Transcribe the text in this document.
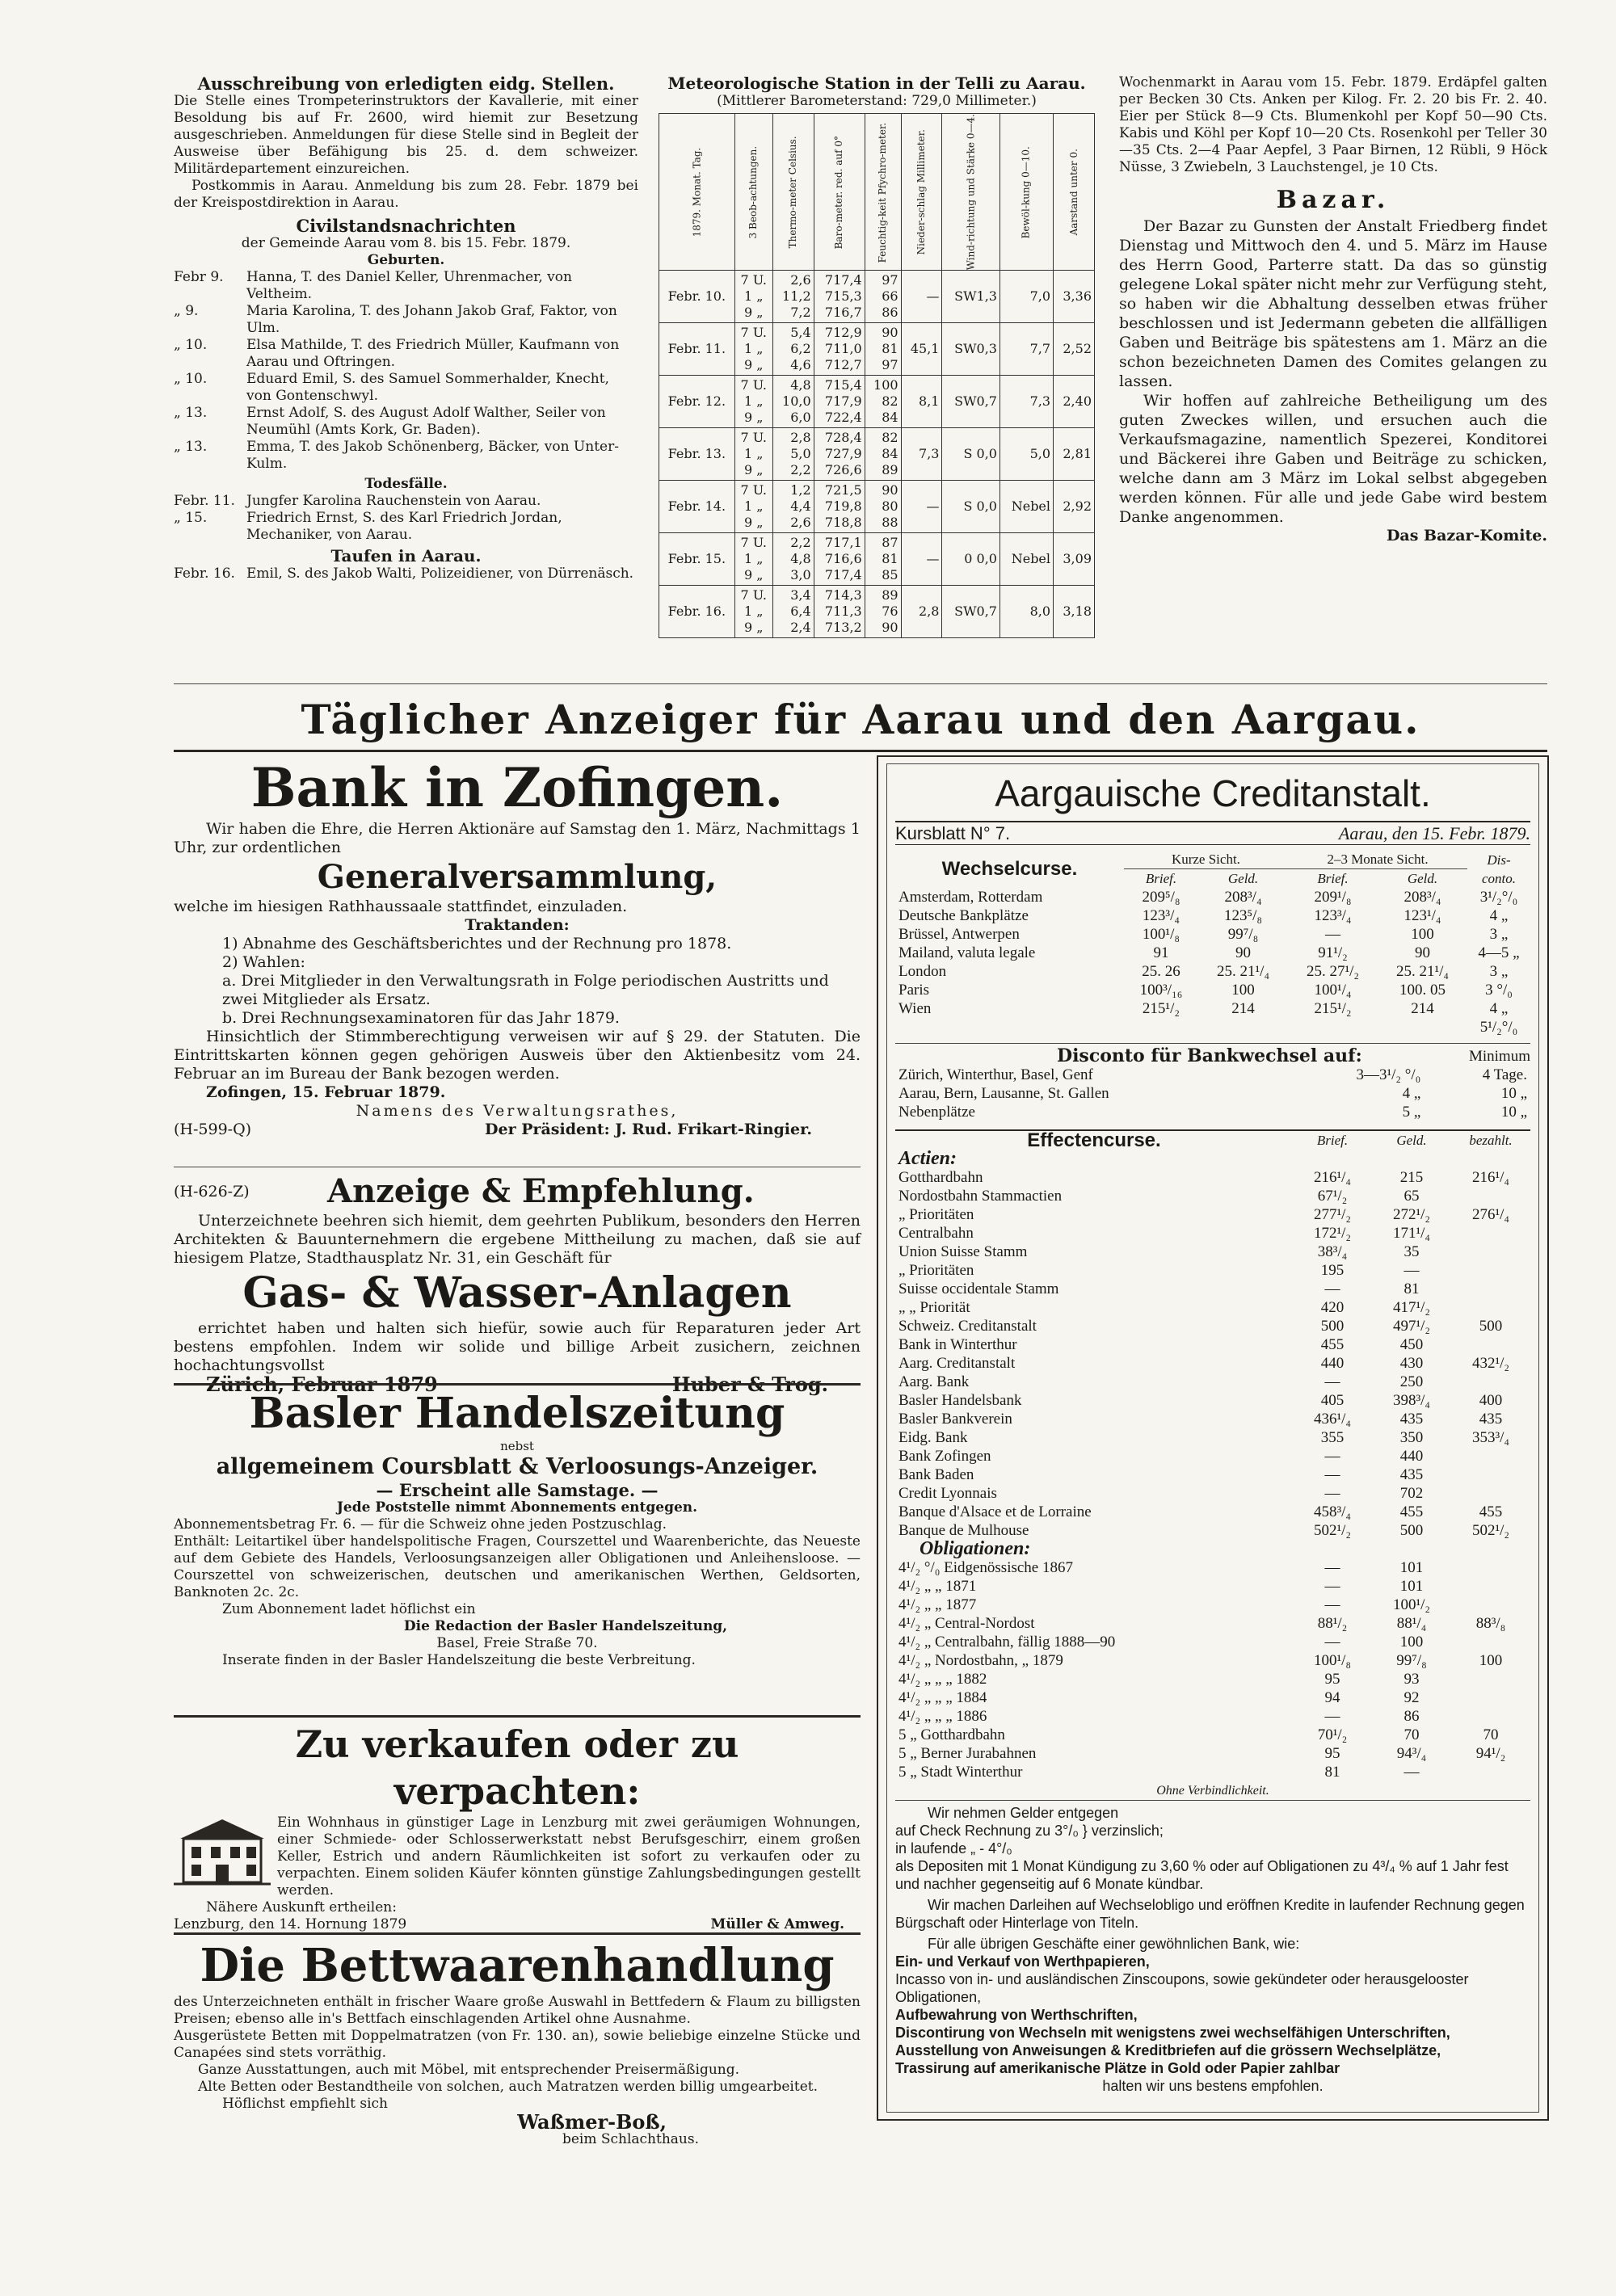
Ausschreibung von erledigten eidg. Stellen.

Die Stelle eines Trompeterinstruktors der Kavallerie, mit einer Besoldung bis auf Fr. 2600, wird hiemit zur Besetzung ausgeschrieben. Anmeldungen für diese Stelle sind in Begleit der Ausweise über Befähigung bis 25. d. dem schweizer. Militärdepartement einzureichen.

Postkommis in Aarau. Anmeldung bis zum 28. Febr. 1879 bei der Kreispostdirektion in Aarau.

Civilstandsnachrichten

der Gemeinde Aarau vom 8. bis 15. Febr. 1879.

Geburten.

Febr 9.	Hanna, T. des Daniel Keller, Uhrenmacher, von Veltheim.
„ 9.	Maria Karolina, T. des Johann Jakob Graf, Faktor, von Ulm.
„ 10.	Elsa Mathilde, T. des Friedrich Müller, Kaufmann von Aarau und Oftringen.
„ 10.	Eduard Emil, S. des Samuel Sommerhalder, Knecht, von Gontenschwyl.
„ 13.	Ernst Adolf, S. des August Adolf Walther, Seiler von Neumühl (Amts Kork, Gr. Baden).
„ 13.	Emma, T. des Jakob Schönenberg, Bäcker, von Unter-Kulm.

Todesfälle.

Febr. 11. Jungfer Karolina Rauchenstein von Aarau.
„ 15.	Friedrich Ernst, S. des Karl Friedrich Jordan, Mechaniker, von Aarau.

Taufen in Aarau.

Febr. 16. Emil, S. des Jakob Walti, Polizeidiener, von Dürrenäsch.

Meteorologische Station in der Telli zu Aarau.

(Mittlerer Barometerstand: 729,0 Millimeter.)

1879. Monat. Tag.	3 Beob-achtungen.	Thermo-meter Celsius.	Baro-meter. red. auf 0°	Feuchtig-keit Pfychro-meter.	Nieder-schlag Millimeter.	Wind-richtung und Stärke 0—4.	Bewöl-kung 0—10.	Aarstand unter 0.
Febr. 10.	7 U.
1 „
9 „	2,6
11,2
7,2	717,4
715,3
716,7	97
66
86	—	SW1,3	7,0	3,36
Febr. 11.	7 U.
1 „
9 „	5,4
6,2
4,6	712,9
711,0
712,7	90
81
97	45,1	SW0,3	7,7	2,52
Febr. 12.	7 U.
1 „
9 „	4,8
10,0
6,0	715,4
717,9
722,4	100
82
84	8,1	SW0,7	7,3	2,40
Febr. 13.	7 U.
1 „
9 „	2,8
5,0
2,2	728,4
727,9
726,6	82
84
89	7,3	S 0,0	5,0	2,81
Febr. 14.	7 U.
1 „
9 „	1,2
4,4
2,6	721,5
719,8
718,8	90
80
88	—	S 0,0	Nebel	2,92
Febr. 15.	7 U.
1 „
9 „	2,2
4,8
3,0	717,1
716,6
717,4	87
81
85	—	0 0,0	Nebel	3,09
Febr. 16.	7 U.
1 „
9 „	3,4
6,4
2,4	714,3
711,3
713,2	89
76
90	2,8	SW0,7	8,0	3,18

Wochenmarkt in Aarau vom 15. Febr. 1879. Erdäpfel galten per Becken 30 Cts. Anken per Kilog. Fr. 2. 20 bis Fr. 2. 40. Eier per Stück 8—9 Cts. Blumenkohl per Kopf 50—90 Cts. Kabis und Köhl per Kopf 10—20 Cts. Rosenkohl per Teller 30—35 Cts. 2—4 Paar Aepfel, 3 Paar Birnen, 12 Rübli, 9 Höck Nüsse, 3 Zwiebeln, 3 Lauchstengel, je 10 Cts.

Bazar.

Der Bazar zu Gunsten der Anstalt Friedberg findet Dienstag und Mittwoch den 4. und 5. März im Hause des Herrn Good, Parterre statt. Da das so günstig gelegene Lokal später nicht mehr zur Verfügung steht, so haben wir die Abhaltung desselben etwas früher beschlossen und ist Jedermann gebeten die allfälligen Gaben und Beiträge bis spätestens am 1. März an die schon bezeichneten Damen des Comites gelangen zu lassen.

Wir hoffen auf zahlreiche Betheiligung um des guten Zweckes willen, und ersuchen auch die Verkaufsmagazine, namentlich Spezerei, Konditorei und Bäckerei ihre Gaben und Beiträge zu schicken, welche dann am 3 März im Lokal selbst abgegeben werden können. Für alle und jede Gabe wird bestem Danke angenommen.

Das Bazar-Komite.

Täglicher Anzeiger für Aarau und den Aargau.

Bank in Zofingen.

Wir haben die Ehre, die Herren Aktionäre auf Samstag den 1. März, Nachmittags 1 Uhr, zur ordentlichen

Generalversammlung,

welche im hiesigen Rathhaussaale stattfindet, einzuladen.

Traktanden:

1) Abnahme des Geschäftsberichtes und der Rechnung pro 1878.

2) Wahlen:

a. Drei Mitglieder in den Verwaltungsrath in Folge periodischen Austritts und

zwei Mitglieder als Ersatz.

b. Drei Rechnungsexaminatoren für das Jahr 1879.

Hinsichtlich der Stimmberechtigung verweisen wir auf § 29. der Statuten. Die Eintrittskarten können gegen gehörigen Ausweis über den Aktienbesitz vom 24. Februar an im Bureau der Bank bezogen werden.

Zofingen, 15. Februar 1879.

Namens des Verwaltungsrathes,

(H-599-Q)	Der Präsident: J. Rud. Frikart-Ringier.
(H-626-Z)	Anzeige & Empfehlung.

Unterzeichnete beehren sich hiemit, dem geehrten Publikum, besonders den Herren Architekten & Bauunternehmern die ergebene Mittheilung zu machen, daß sie auf hiesigem Platze, Stadthausplatz Nr. 31, ein Geschäft für

Gas- & Wasser-Anlagen

errichtet haben und halten sich hiefür, sowie auch für Reparaturen jeder Art bestens empfohlen. Indem wir solide und billige Arbeit zusichern, zeichnen hochachtungsvollst

Zürich, Februar 1879	Huber & Trog.

Basler Handelszeitung

nebst

allgemeinem Coursblatt & Verloosungs-Anzeiger.

— Erscheint alle Samstage. —

Jede Poststelle nimmt Abonnements entgegen.

Abonnementsbetrag Fr. 6. — für die Schweiz ohne jeden Postzuschlag.

Enthält: Leitartikel über handelspolitische Fragen, Courszettel und Waarenberichte, das Neueste auf dem Gebiete des Handels, Verloosungsanzeigen aller Obligationen und Anleihensloose. — Courszettel von schweizerischen, deutschen und amerikanischen Werthen, Geldsorten, Banknoten 2c. 2c.

Zum Abonnement ladet höflichst ein

Die Redaction der Basler Handelszeitung,

Basel, Freie Straße 70.

Inserate finden in der Basler Handelszeitung die beste Verbreitung.

Zu verkaufen oder zu verpachten:

Ein Wohnhaus in günstiger Lage in Lenzburg mit zwei geräumigen Wohnungen, einer Schmiede- oder Schlosserwerkstatt nebst Berufsgeschirr, einem großen Keller, Estrich und andern Räumlichkeiten ist sofort zu verkaufen oder zu verpachten. Einem soliden Käufer könnten günstige Zahlungsbedingungen gestellt werden.

Nähere Auskunft ertheilen:

Lenzburg, den 14. Hornung 1879	Müller & Amweg.

Die Bettwaarenhandlung

des Unterzeichneten enthält in frischer Waare große Auswahl in Bettfedern & Flaum zu billigsten Preisen; ebenso alle in's Bettfach einschlagenden Artikel ohne Ausnahme.

Ausgerüstete Betten mit Doppelmatratzen (von Fr. 130. an), sowie beliebige einzelne Stücke und Canapées sind stets vorräthig.

Ganze Ausstattungen, auch mit Möbel, mit entsprechender Preisermäßigung.

Alte Betten oder Bestandtheile von solchen, auch Matratzen werden billig umgearbeitet.

Höflichst empfiehlt sich

Waßmer-Boß,

beim Schlachthaus.

Aargauische Creditanstalt.

Kursblatt N° 7.	Aarau, den 15. Febr. 1879.
Wechselcurse.	Kurze Sicht.		2–3 Monate Sicht.		Dis-conto.
	Brief.	Geld.	Brief.	Geld.	
Amsterdam, Rotterdam	209⁵/₈	208³/₄	209¹/₈	208³/₄	3¹/₂°/₀
Deutsche Bankplätze	123³/₄	123⁵/₈	123³/₄	123¹/₄	4 „
Brüssel, Antwerpen	100¹/₈	99⁷/₈	—	100	3 „
Mailand, valuta legale	91	90	91¹/₂	90	4—5 „
London	25. 26	25. 21¹/₄	25. 27¹/₂	25. 21¹/₄	3 „
Paris	100³/₁₆	100	100¹/₄	100. 05	3 °/₀
Wien	215¹/₂	214	215¹/₂	214	4 „
					5¹/₂°/₀
Disconto für Bankwechsel auf:	Minimum
Zürich, Winterthur, Basel, Genf	3—3¹/₂ °/₀	4 Tage.
Aarau, Bern, Lausanne, St. Gallen	4 „	10 „
Nebenplätze	5 „	10 „
Effectencurse.	Brief.	Geld.	bezahlt.
Actien:			
Gotthardbahn	216¹/₄	215	216¹/₄
Nordostbahn Stammactien	67¹/₂	65	
„ Prioritäten	277¹/₂	272¹/₂	276¹/₄
Centralbahn	172¹/₂	171¹/₄	
Union Suisse Stamm	38³/₄	35	
„ Prioritäten	195	—	
Suisse occidentale Stamm	—	81	
„ „ Priorität	420	417¹/₂	
Schweiz. Creditanstalt	500	497¹/₂	500
Bank in Winterthur	455	450	
Aarg. Creditanstalt	440	430	432¹/₂
Aarg. Bank	—	250	
Basler Handelsbank	405	398³/₄	400
Basler Bankverein	436¹/₄	435	435
Eidg. Bank	355	350	353³/₄
Bank Zofingen	—	440	
Bank Baden	—	435	
Credit Lyonnais	—	702	
Banque d'Alsace et de Lorraine	458³/₄	455	455
Banque de Mulhouse	502¹/₂	500	502¹/₂
Obligationen:			
4¹/₂ °/₀ Eidgenössische 1867	—	101	
4¹/₂ „ „ 1871	—	101	
4¹/₂ „ „ 1877	—	100¹/₂	
4¹/₂ „ Central-Nordost	88¹/₂	88¹/₄	88³/₈
4¹/₂ „ Centralbahn, fällig 1888—90	—	100	
4¹/₂ „ Nordostbahn, „ 1879	100¹/₈	99⁷/₈	100
4¹/₂ „ „ „ 1882	95	93	
4¹/₂ „ „ „ 1884	94	92	
4¹/₂ „ „ „ 1886	—	86	
5 „ Gotthardbahn	70¹/₂	70	70
5 „ Berner Jurabahnen	95	94³/₄	94¹/₂
5 „ Stadt Winterthur	81	—	

Ohne Verbindlichkeit.

Wir nehmen Gelder entgegen

auf Check Rechnung zu 3°/₀ } verzinslich;

in laufende „ - 4°/₀

als Depositen mit 1 Monat Kündigung zu 3,60 % oder auf Obligationen zu 4³/₄ % auf 1 Jahr fest und nachher gegenseitig auf 6 Monate kündbar.

Wir machen Darleihen auf Wechselobligo und eröffnen Kredite in laufender Rechnung gegen Bürgschaft oder Hinterlage von Titeln.

Für alle übrigen Geschäfte einer gewöhnlichen Bank, wie:

Ein- und Verkauf von Werthpapieren,

Incasso von in- und ausländischen Zinscoupons, sowie gekündeter oder herausgelooster Obligationen,

Aufbewahrung von Werthschriften,

Discontirung von Wechseln mit wenigstens zwei wechselfähigen Unterschriften,

Ausstellung von Anweisungen & Kreditbriefen auf die grössern Wechselplätze,

Trassirung auf amerikanische Plätze in Gold oder Papier zahlbar

halten wir uns bestens empfohlen.
